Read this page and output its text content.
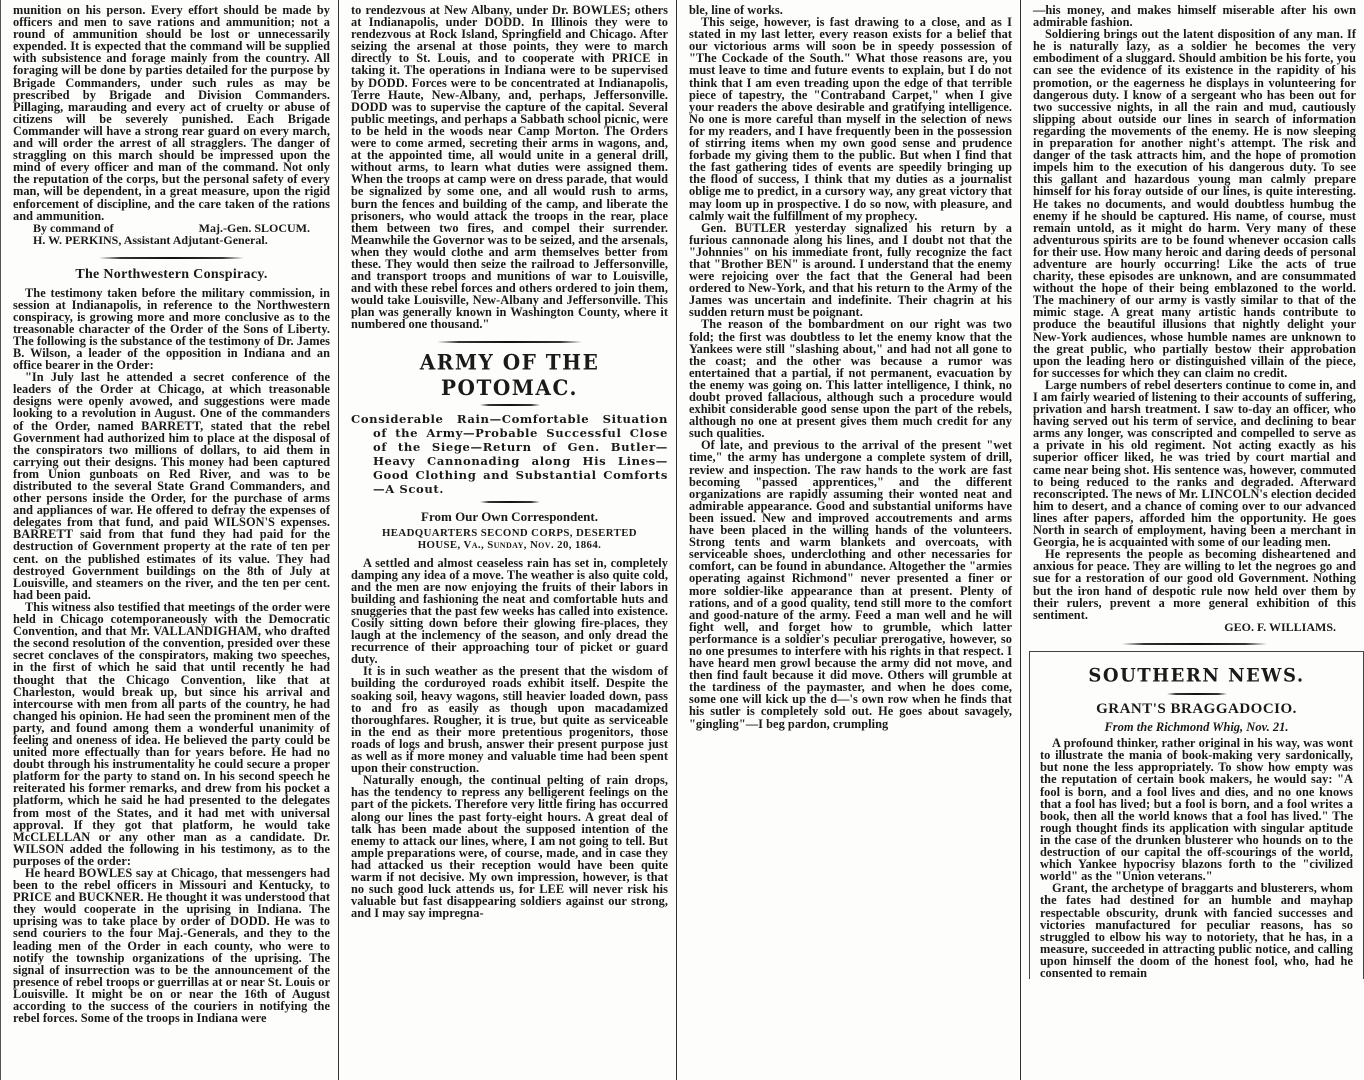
munition on his person. Every effort should be made by officers and men to save rations and ammunition; not a round of ammunition should be lost or unnecessarily expended. It is expected that the command will be supplied with subsistence and forage mainly from the country. All foraging will be done by parties detailed for the purpose by Brigade Commanders, under such rules as may be prescribed by Brigade and Division Commanders. Pillaging, marauding and every act of cruelty or abuse of citizens will be severely punished. Each Brigade Commander will have a strong rear guard on every march, and will order the arrest of all stragglers. The danger of straggling on this march should be impressed upon the mind of every officer and man of the command. Not only the reputation of the corps, but the personal safety of every man, will be dependent, in a great measure, upon the rigid enforcement of discipline, and the care taken of the rations and ammunition.

By command of	Maj.-Gen. SLOCUM.
H. W. PERKINS, Assistant Adjutant-General.
The Northwestern Conspiracy.

The testimony taken before the military commission, in session at Indianapolis, in reference to the Northwestern conspiracy, is growing more and more conclusive as to the treasonable character of the Order of the Sons of Liberty. The following is the substance of the testimony of Dr. James B. Wilson, a leader of the opposition in Indiana and an office bearer in the Order:

"In July last he attended a secret conference of the leaders of the Order at Chicago, at which treasonable designs were openly avowed, and suggestions were made looking to a revolution in August. One of the commanders of the Order, named BARRETT, stated that the rebel Government had authorized him to place at the disposal of the conspirators two millions of dollars, to aid them in carrying out their designs. This money had been captured from Union gunboats on Red River, and was to be distributed to the several State Grand Commanders, and other persons inside the Order, for the purchase of arms and appliances of war. He offered to defray the expenses of delegates from that fund, and paid WILSON'S expenses. BARRETT said from that fund they had paid for the destruction of Government property at the rate of ten per cent. on the published estimates of its value. They had destroyed Government buildings on the 8th of July at Louisville, and steamers on the river, and the ten per cent. had been paid.

This witness also testified that meetings of the order were held in Chicago cotemporaneously with the Democratic Convention, and that Mr. VALLANDIGHAM, who drafted the second resolution of the convention, presided over these secret conclaves of the conspirators, making two speeches, in the first of which he said that until recently he had thought that the Chicago Convention, like that at Charleston, would break up, but since his arrival and intercourse with men from all parts of the country, he had changed his opinion. He had seen the prominent men of the party, and found among them a wonderful unanimity of feeling and oneness of idea. He believed the party could be united more effectually than for years before. He had no doubt through his instrumentality he could secure a proper platform for the party to stand on. In his second speech he reiterated his former remarks, and drew from his pocket a platform, which he said he had presented to the delegates from most of the States, and it had met with universal approval. If they got that platform, he would take McCLELLAN or any other man as a candidate. Dr. WILSON added the following in his testimony, as to the purposes of the order:

He heard BOWLES say at Chicago, that messengers had been to the rebel officers in Missouri and Kentucky, to PRICE and BUCKNER. He thought it was understood that they would cooperate in the uprising in Indiana. The uprising was to take place by order of DODD. He was to send couriers to the four Maj.-Generals, and they to the leading men of the Order in each county, who were to notify the township organizations of the uprising. The signal of insurrection was to be the announcement of the presence of rebel troops or guerrillas at or near St. Louis or Louisville. It might be on or near the 16th of August according to the success of the couriers in notifying the rebel forces. Some of the troops in Indiana were

to rendezvous at New Albany, under Dr. BOWLES; others at Indianapolis, under DODD. In Illinois they were to rendezvous at Rock Island, Springfield and Chicago. After seizing the arsenal at those points, they were to march directly to St. Louis, and to cooperate with PRICE in taking it. The operations in Indiana were to be supervised by DODD. Forces were to be concentrated at Indianapolis, Terre Haute, New-Albany, and, perhaps, Jeffersonville. DODD was to supervise the capture of the capital. Several public meetings, and perhaps a Sabbath school picnic, were to be held in the woods near Camp Morton. The Orders were to come armed, secreting their arms in wagons, and, at the appointed time, all would unite in a general drill, without arms, to learn what duties were assigned them. When the troops at camp were on dress parade, that would be signalized by some one, and all would rush to arms, burn the fences and building of the camp, and liberate the prisoners, who would attack the troops in the rear, place them between two fires, and compel their surrender. Meanwhile the Governor was to be seized, and the arsenals, when they would clothe and arm themselves better from these. They would then seize the railroad to Jeffersonville, and transport troops and munitions of war to Louisville, and with these rebel forces and others ordered to join them, would take Louisville, New-Albany and Jeffersonville. This plan was generally known in Washington County, where it numbered one thousand."

ARMY OF THE POTOMAC.
Considerable Rain—Comfortable Situation of the Army—Probable Successful Close of the Siege—Return of Gen. Butler—Heavy Cannonading along His Lines—Good Clothing and Substantial Comforts—A Scout.
From Our Own Correspondent.
HEADQUARTERS SECOND CORPS, DESERTED
HOUSE, Va., Sunday, Nov. 20, 1864.

A settled and almost ceaseless rain has set in, completely damping any idea of a move. The weather is also quite cold, and the men are now enjoying the fruits of their labors in building and fashioning the neat and comfortable huts and snuggeries that the past few weeks has called into existence. Cosily sitting down before their glowing fire-places, they laugh at the inclemency of the season, and only dread the recurrence of their approaching tour of picket or guard duty.

It is in such weather as the present that the wisdom of building the corduroyed roads exhibit itself. Despite the soaking soil, heavy wagons, still heavier loaded down, pass to and fro as easily as though upon macadamized thoroughfares. Rougher, it is true, but quite as serviceable in the end as their more pretentious progenitors, those roads of logs and brush, answer their present purpose just as well as if more money and valuable time had been spent upon their construction.

Naturally enough, the continual pelting of rain drops, has the tendency to repress any belligerent feelings on the part of the pickets. Therefore very little firing has occurred along our lines the past forty-eight hours. A great deal of talk has been made about the supposed intention of the enemy to attack our lines, where, I am not going to tell. But ample preparations were, of course, made, and in case they had attacked us their reception would have been quite warm if not decisive. My own impression, however, is that no such good luck attends us, for LEE will never risk his valuable but fast disappearing soldiers against our strong, and I may say impregna-

ble, line of works.

This seige, however, is fast drawing to a close, and as I stated in my last letter, every reason exists for a belief that our victorious arms will soon be in speedy possession of "The Cockade of the South." What those reasons are, you must leave to time and future events to explain, but I do not think that I am even treading upon the edge of that terrible piece of tapestry, the "Contraband Carpet," when I give your readers the above desirable and gratifying intelligence. No one is more careful than myself in the selection of news for my readers, and I have frequently been in the possession of stirring items when my own good sense and prudence forbade my giving them to the public. But when I find that the fast gathering tides of events are speedily bringing up the flood of success, I think that my duties as a journalist oblige me to predict, in a cursory way, any great victory that may loom up in prospective. I do so now, with pleasure, and calmly wait the fulfillment of my prophecy.

Gen. BUTLER yesterday signalized his return by a furious cannonade along his lines, and I doubt not that the "Johnnies" on his immediate front, fully recognize the fact that "Brother BEN" is around. I understand that the enemy were rejoicing over the fact that the General had been ordered to New-York, and that his return to the Army of the James was uncertain and indefinite. Their chagrin at his sudden return must be poignant.

The reason of the bombardment on our right was two fold; the first was doubtless to let the enemy know that the Yankees were still "slashing about," and had not all gone to the coast; and the other was because a rumor was entertained that a partial, if not permanent, evacuation by the enemy was going on. This latter intelligence, I think, no doubt proved fallacious, although such a procedure would exhibit considerable good sense upon the part of the rebels, although no one at present gives them much credit for any such qualities.

Of late, and previous to the arrival of the present "wet time," the army has undergone a complete system of drill, review and inspection. The raw hands to the work are fast becoming "passed apprentices," and the different organizations are rapidly assuming their wonted neat and admirable appearance. Good and substantial uniforms have been issued. New and improved accoutrements and arms have been placed in the willing hands of the volunteers. Strong tents and warm blankets and overcoats, with serviceable shoes, underclothing and other necessaries for comfort, can be found in abundance. Altogether the "armies operating against Richmond" never presented a finer or more soldier-like appearance than at present. Plenty of rations, and of a good quality, tend still more to the comfort and good-nature of the army. Feed a man well and he will fight well, and forget how to grumble, which latter performance is a soldier's peculiar prerogative, however, so no one presumes to interfere with his rights in that respect. I have heard men growl because the army did not move, and then find fault because it did move. Others will grumble at the tardiness of the paymaster, and when he does come, some one will kick up the d—'s own row when he finds that his sutler is completely sold out. He goes about savagely, "gingling"—I beg pardon, crumpling

—his money, and makes himself miserable after his own admirable fashion.

Soldiering brings out the latent disposition of any man. If he is naturally lazy, as a soldier he becomes the very embodiment of a sluggard. Should ambition be his forte, you can see the evidence of its existence in the rapidity of his promotion, or the eagerness he displays in volunteering for dangerous duty. I know of a sergeant who has been out for two successive nights, in all the rain and mud, cautiously slipping about outside our lines in search of information regarding the movements of the enemy. He is now sleeping in preparation for another night's attempt. The risk and danger of the task attracts him, and the hope of promotion impels him to the execution of his dangerous duty. To see this gallant and hazardous young man calmly prepare himself for his foray outside of our lines, is quite interesting. He takes no documents, and would doubtless humbug the enemy if he should be captured. His name, of course, must remain untold, as it might do harm. Very many of these adventurous spirits are to be found whenever occasion calls for their use. How many heroic and daring deeds of personal adventure are hourly occurring! Like the acts of true charity, these episodes are unknown, and are consummated without the hope of their being emblazoned to the world. The machinery of our army is vastly similar to that of the mimic stage. A great many artistic hands contribute to produce the beautiful illusions that nightly delight your New-York audiences, whose humble names are unknown to the great public, who partially bestow their approbation upon the leading hero or distinguished villain of the piece, for successes for which they can claim no credit.

Large numbers of rebel deserters continue to come in, and I am fairly wearied of listening to their accounts of suffering, privation and harsh treatment. I saw to-day an officer, who having served out his term of service, and declining to bear arms any longer, was conscripted and compelled to serve as a private in his old regiment. Not acting exactly as his superior officer liked, he was tried by court martial and came near being shot. His sentence was, however, commuted to being reduced to the ranks and degraded. Afterward reconscripted. The news of Mr. LINCOLN's election decided him to desert, and a chance of coming over to our advanced lines after papers, afforded him the opportunity. He goes North in search of employment, having been a merchant in Georgia, he is acquainted with some of our leading men.

He represents the people as becoming disheartened and anxious for peace. They are willing to let the negroes go and sue for a restoration of our good old Government. Nothing but the iron hand of despotic rule now held over them by their rulers, prevent a more general exhibition of this sentiment.

GEO. F. WILLIAMS.
SOUTHERN NEWS.
GRANT'S BRAGGADOCIO.
From the Richmond Whig, Nov. 21.

A profound thinker, rather original in his way, was wont to illustrate the mania of book-making very sardonically, but none the less appropriately. To show how empty was the reputation of certain book makers, he would say: "A fool is born, and a fool lives and dies, and no one knows that a fool has lived; but a fool is born, and a fool writes a book, then all the world knows that a fool has lived." The rough thought finds its application with singular aptitude in the case of the drunken blusterer who hounds on to the destruction of our capital the off-scourings of the world, which Yankee hypocrisy blazons forth to the "civilized world" as the "Union veterans."

Grant, the archetype of braggarts and blusterers, whom the fates had destined for an humble and mayhap respectable obscurity, drunk with fancied successes and victories manufactured for peculiar reasons, has so struggled to elbow his way to notoriety, that he has, in a measure, succeeded in attracting public notice, and calling upon himself the doom of the honest fool, who, had he consented to remain
